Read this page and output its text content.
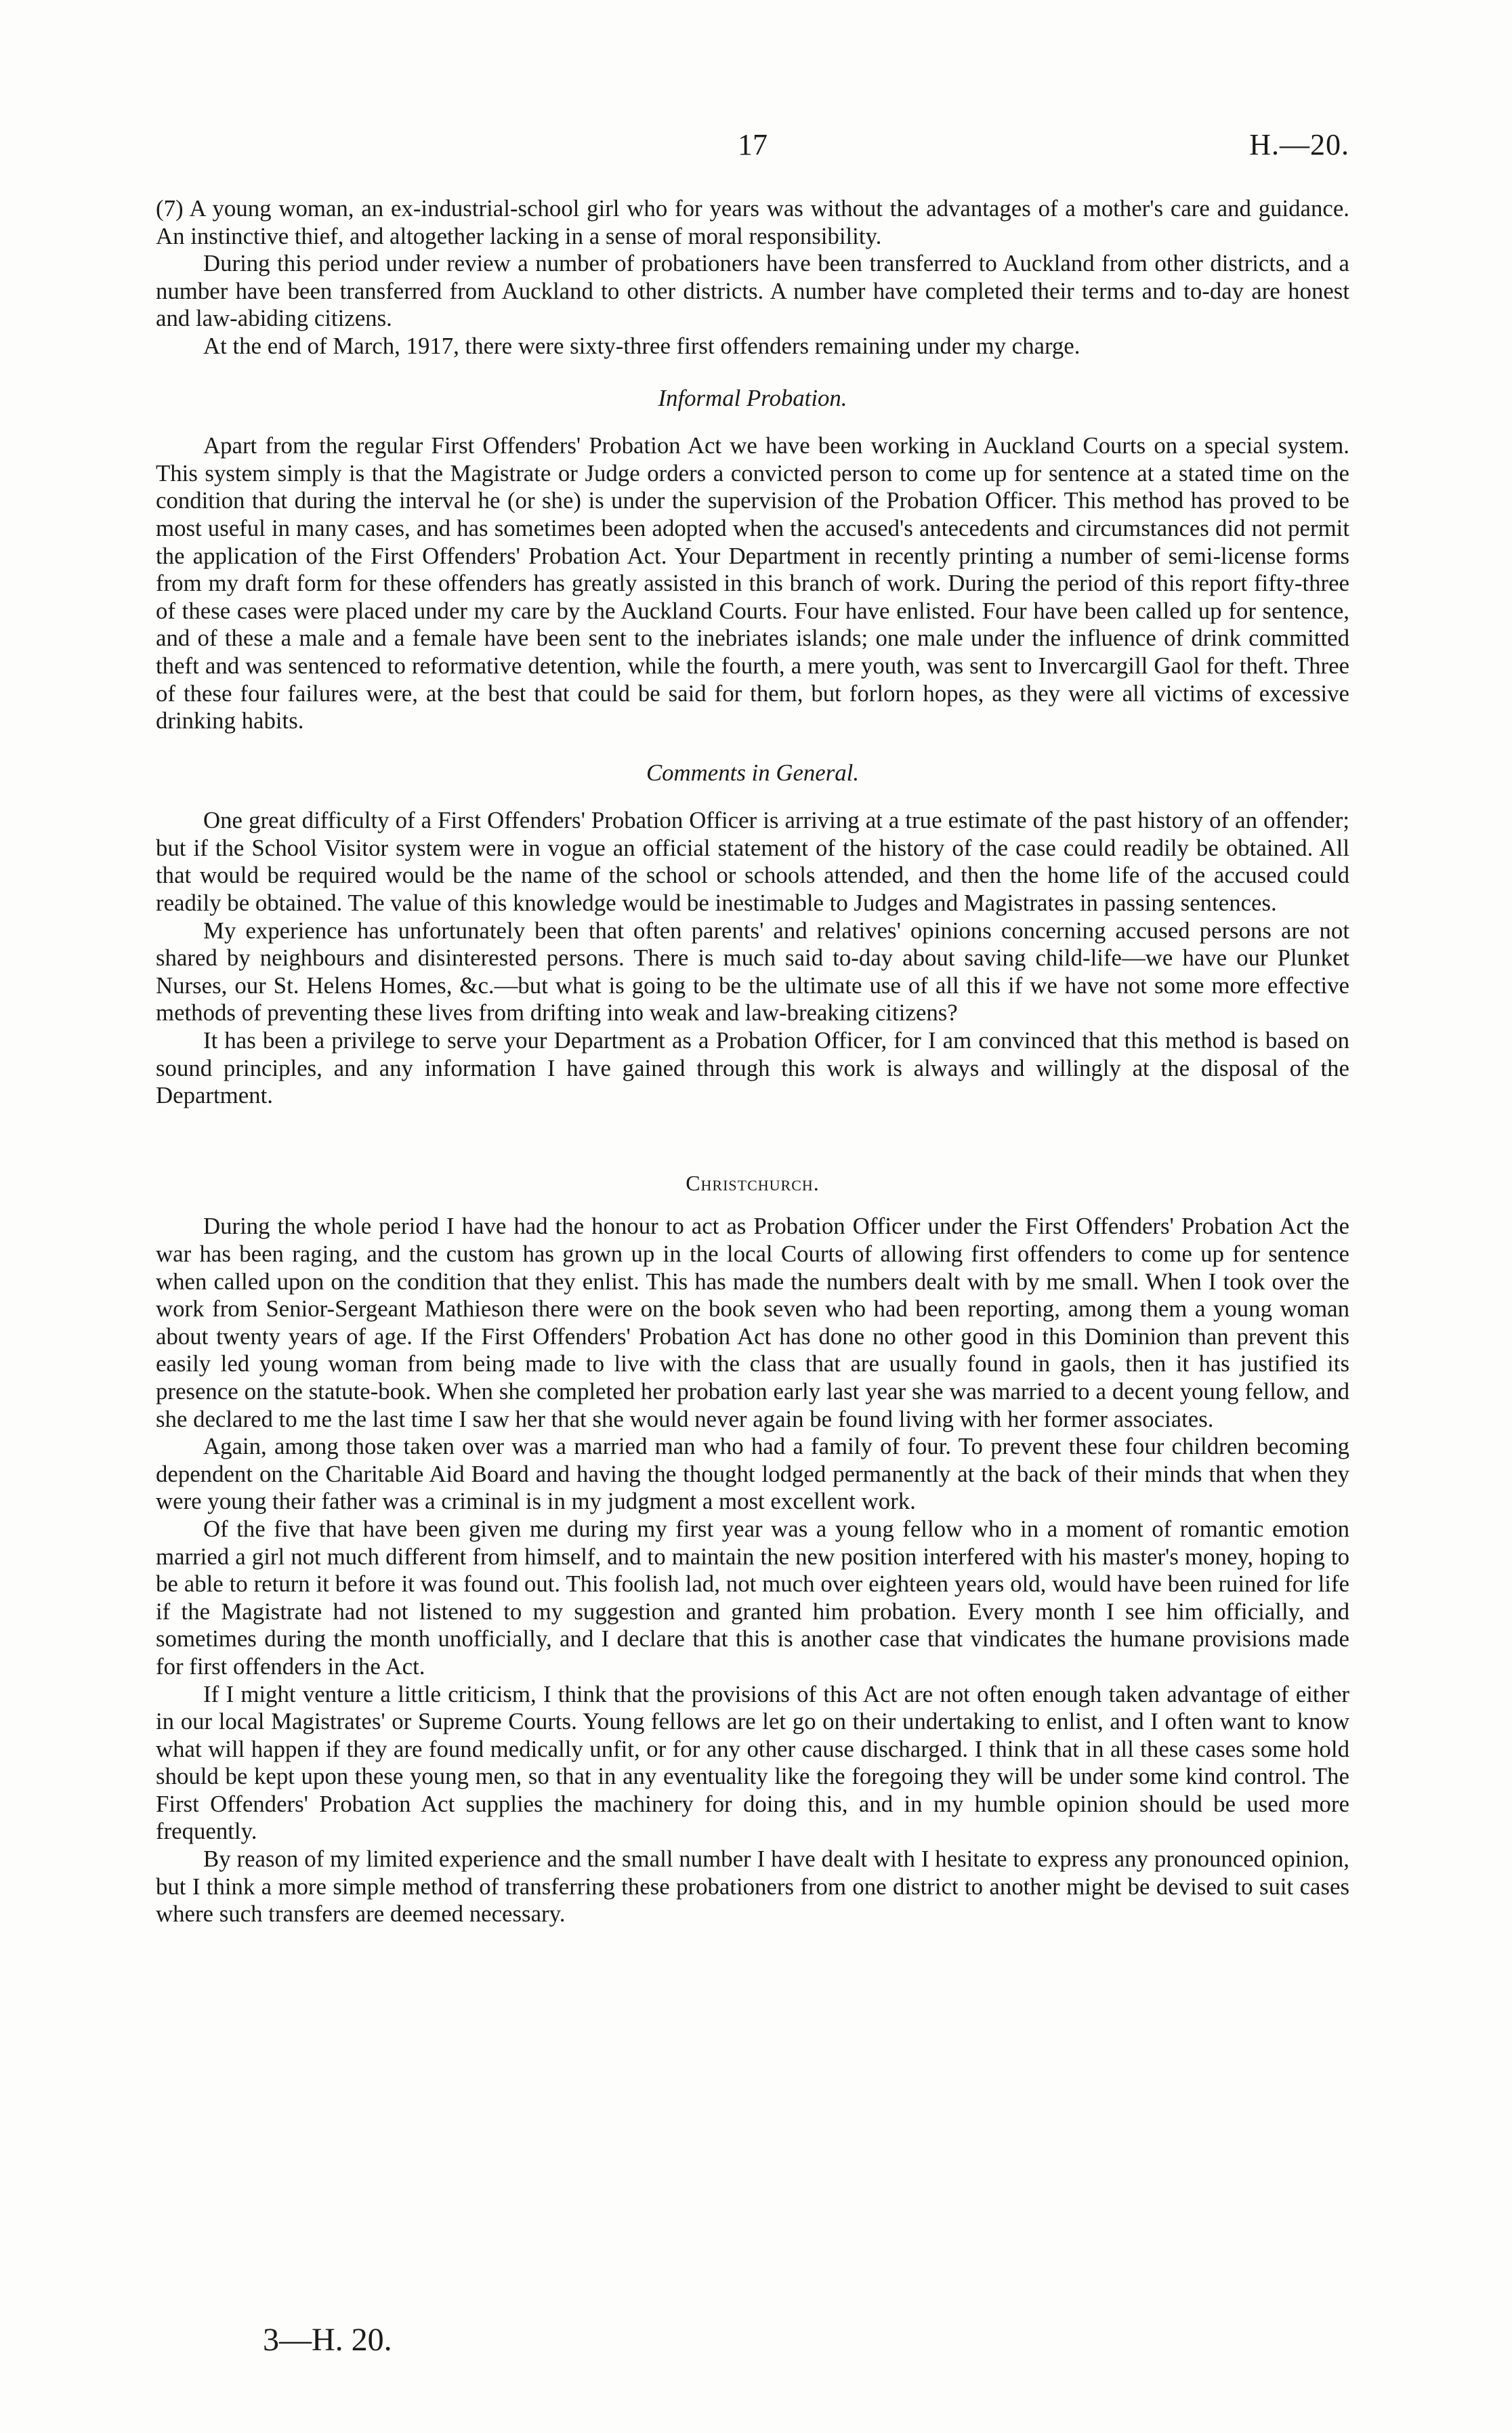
17	H.—20.

(7) A young woman, an ex-industrial-school girl who for years was without the advantages of a mother's care and guidance. An instinctive thief, and altogether lacking in a sense of moral responsibility.

During this period under review a number of probationers have been transferred to Auckland from other districts, and a number have been transferred from Auckland to other districts. A number have completed their terms and to-day are honest and law-abiding citizens.

At the end of March, 1917, there were sixty-three first offenders remaining under my charge.

Informal Probation.

Apart from the regular First Offenders' Probation Act we have been working in Auckland Courts on a special system. This system simply is that the Magistrate or Judge orders a convicted person to come up for sentence at a stated time on the condition that during the interval he (or she) is under the supervision of the Probation Officer. This method has proved to be most useful in many cases, and has sometimes been adopted when the accused's antecedents and circumstances did not permit the application of the First Offenders' Probation Act. Your Department in recently printing a number of semi-license forms from my draft form for these offenders has greatly assisted in this branch of work. During the period of this report fifty-three of these cases were placed under my care by the Auckland Courts. Four have enlisted. Four have been called up for sentence, and of these a male and a female have been sent to the inebriates islands; one male under the influence of drink committed theft and was sentenced to reformative detention, while the fourth, a mere youth, was sent to Invercargill Gaol for theft. Three of these four failures were, at the best that could be said for them, but forlorn hopes, as they were all victims of excessive drinking habits.

Comments in General.

One great difficulty of a First Offenders' Probation Officer is arriving at a true estimate of the past history of an offender; but if the School Visitor system were in vogue an official statement of the history of the case could readily be obtained. All that would be required would be the name of the school or schools attended, and then the home life of the accused could readily be obtained. The value of this knowledge would be inestimable to Judges and Magistrates in passing sentences.

My experience has unfortunately been that often parents' and relatives' opinions concerning accused persons are not shared by neighbours and disinterested persons. There is much said to-day about saving child-life—we have our Plunket Nurses, our St. Helens Homes, &c.—but what is going to be the ultimate use of all this if we have not some more effective methods of preventing these lives from drifting into weak and law-breaking citizens?

It has been a privilege to serve your Department as a Probation Officer, for I am convinced that this method is based on sound principles, and any information I have gained through this work is always and willingly at the disposal of the Department.

Christchurch.

During the whole period I have had the honour to act as Probation Officer under the First Offenders' Probation Act the war has been raging, and the custom has grown up in the local Courts of allowing first offenders to come up for sentence when called upon on the condition that they enlist. This has made the numbers dealt with by me small. When I took over the work from Senior-Sergeant Mathieson there were on the book seven who had been reporting, among them a young woman about twenty years of age. If the First Offenders' Probation Act has done no other good in this Dominion than prevent this easily led young woman from being made to live with the class that are usually found in gaols, then it has justified its presence on the statute-book. When she completed her probation early last year she was married to a decent young fellow, and she declared to me the last time I saw her that she would never again be found living with her former associates.

Again, among those taken over was a married man who had a family of four. To prevent these four children becoming dependent on the Charitable Aid Board and having the thought lodged permanently at the back of their minds that when they were young their father was a criminal is in my judgment a most excellent work.

Of the five that have been given me during my first year was a young fellow who in a moment of romantic emotion married a girl not much different from himself, and to maintain the new position interfered with his master's money, hoping to be able to return it before it was found out. This foolish lad, not much over eighteen years old, would have been ruined for life if the Magistrate had not listened to my suggestion and granted him probation. Every month I see him officially, and sometimes during the month unofficially, and I declare that this is another case that vindicates the humane provisions made for first offenders in the Act.

If I might venture a little criticism, I think that the provisions of this Act are not often enough taken advantage of either in our local Magistrates' or Supreme Courts. Young fellows are let go on their undertaking to enlist, and I often want to know what will happen if they are found medically unfit, or for any other cause discharged. I think that in all these cases some hold should be kept upon these young men, so that in any eventuality like the foregoing they will be under some kind control. The First Offenders' Probation Act supplies the machinery for doing this, and in my humble opinion should be used more frequently.

By reason of my limited experience and the small number I have dealt with I hesitate to express any pronounced opinion, but I think a more simple method of transferring these probationers from one district to another might be devised to suit cases where such transfers are deemed necessary.

3—H. 20.
